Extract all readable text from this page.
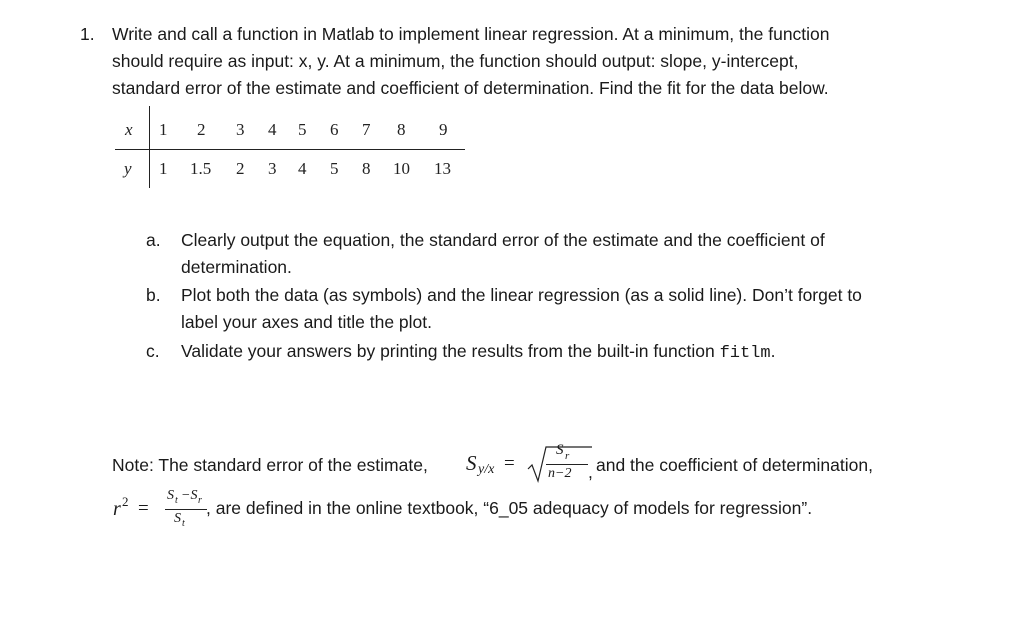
1. Write and call a function in Matlab to implement linear regression. At a minimum, the function
should require as input: x, y. At a minimum, the function should output: slope, y-intercept,
standard error of the estimate and coefficient of determination. Find the fit for the data below.
x
y
1 2 3 4 5 6 7 8 9
1 1.5 2 3 4 5 8 10 13
a. Clearly output the equation, the standard error of the estimate and the coefficient of
determination.
b. Plot both the data (as symbols) and the linear regression (as a solid line). Don’t forget to
label your axes and title the plot.
c. Validate your answers by printing the results from the built-in function fitlm.
Note: The standard error of the estimate, S y/x =
S r
n−2 , and the coefficient of determination,
r 2 =
S t −S r
S t
, are defined in the online textbook, “6_05 adequacy of models for regression”.
